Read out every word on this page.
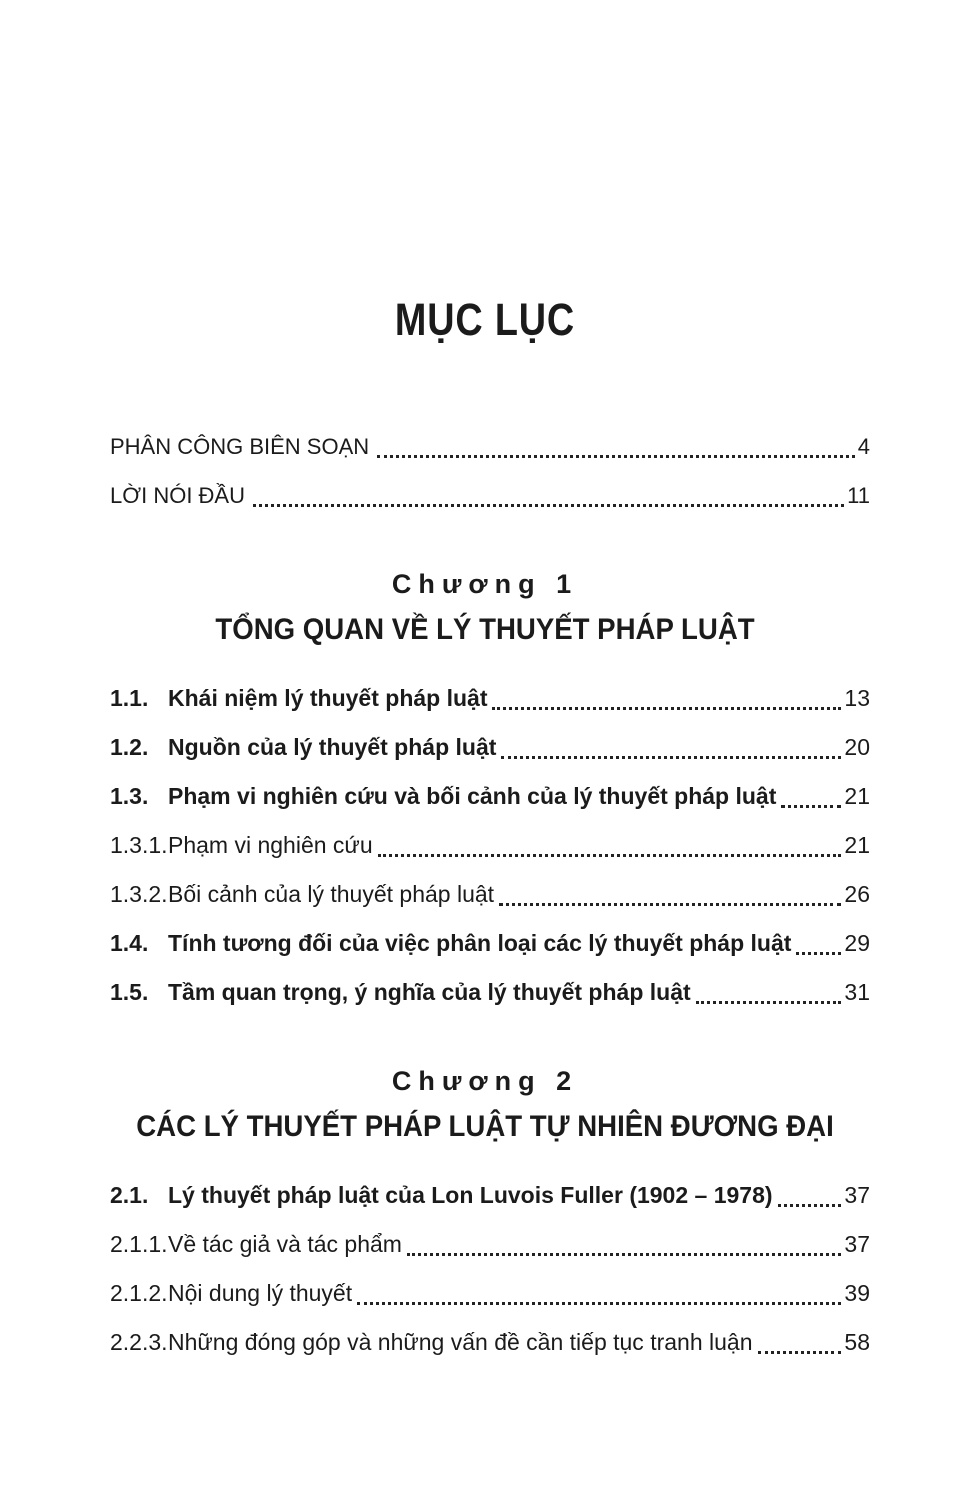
MỤC LỤC
PHÂN CÔNG BIÊN SOẠN	4
LỜI NÓI ĐẦU	11
Chương 1
TỔNG QUAN VỀ LÝ THUYẾT PHÁP LUẬT
1.1. Khái niệm lý thuyết pháp luật	13
1.2. Nguồn của lý thuyết pháp luật	20
1.3. Phạm vi nghiên cứu và bối cảnh của lý thuyết pháp luật	21
1.3.1. Phạm vi nghiên cứu	21
1.3.2. Bối cảnh của lý thuyết pháp luật	26
1.4. Tính tương đối của việc phân loại các lý thuyết pháp luật 29
1.5. Tầm quan trọng, ý nghĩa của lý thuyết pháp luật	31
Chương 2
CÁC LÝ THUYẾT PHÁP LUẬT TỰ NHIÊN ĐƯƠNG ĐẠI
2.1. Lý thuyết pháp luật của Lon Luvois Fuller (1902 – 1978)	37
2.1.1. Về tác giả và tác phẩm	37
2.1.2. Nội dung lý thuyết	39
2.2.3. Những đóng góp và những vấn đề cần tiếp tục tranh luận	58
